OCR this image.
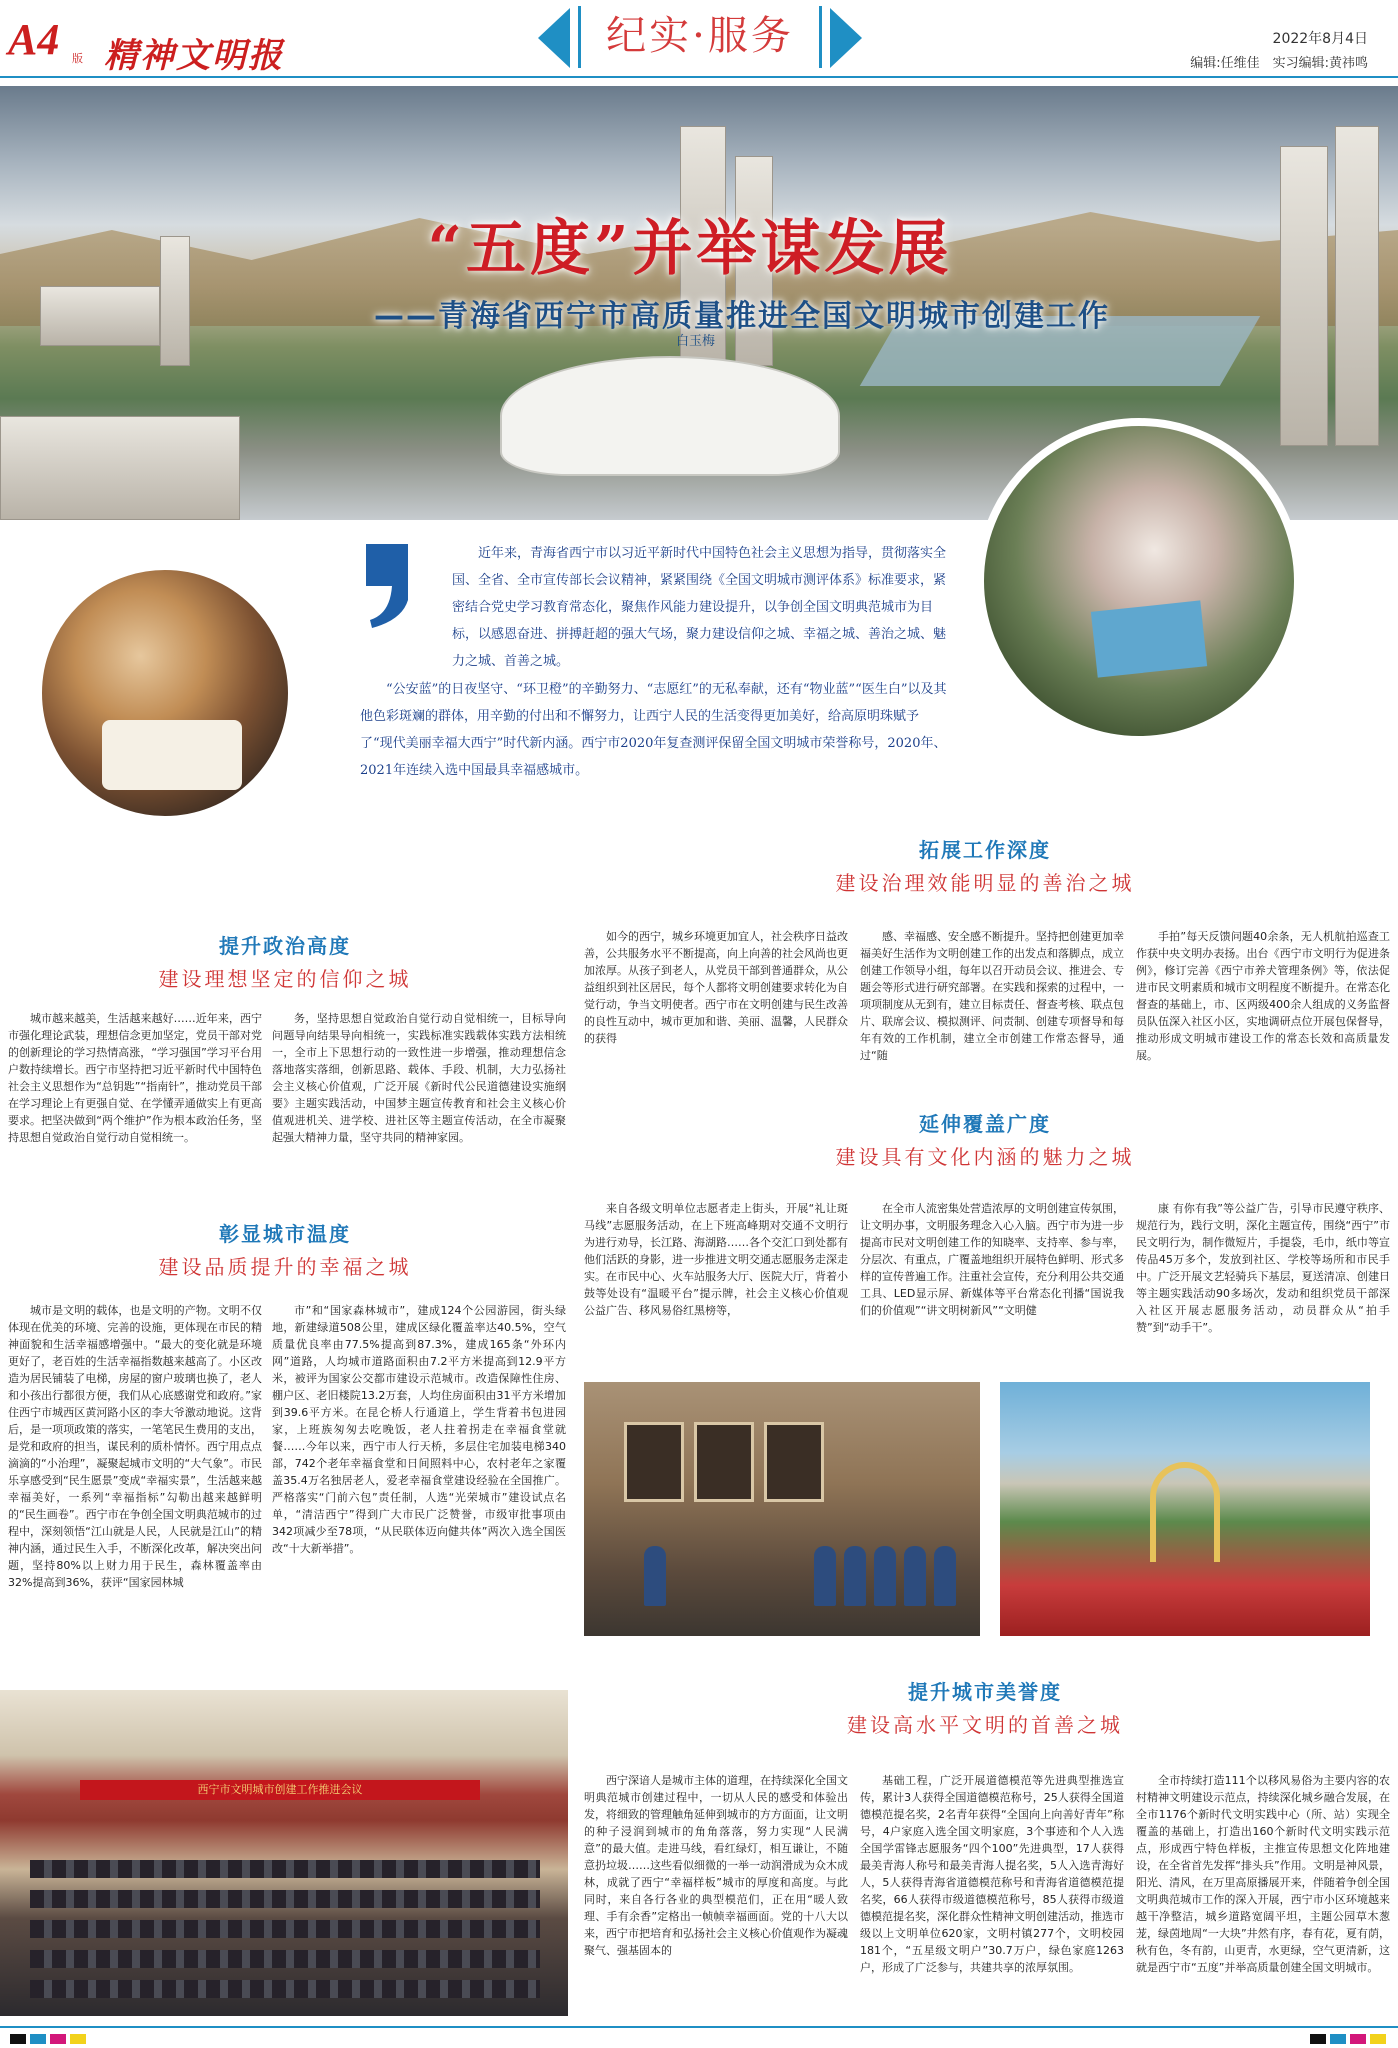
A4 版 精神文明报	纪实·服务	2022年8月4日
编辑:任维佳　实习编辑:黄祎鸣
“五度”并举谋发展
——青海省西宁市高质量推进全国文明城市创建工作
白玉梅

近年来，青海省西宁市以习近平新时代中国特色社会主义思想为指导，贯彻落实全国、全省、全市宣传部长会议精神，紧紧围绕《全国文明城市测评体系》标准要求，紧密结合党史学习教育常态化，聚焦作风能力建设提升，以争创全国文明典范城市为目标，以感恩奋进、拼搏赶超的强大气场，聚力建设信仰之城、幸福之城、善治之城、魅力之城、首善之城。

“公安蓝”的日夜坚守、“环卫橙”的辛勤努力、“志愿红”的无私奉献，还有“物业蓝”“医生白”以及其他色彩斑斓的群体，用辛勤的付出和不懈努力，让西宁人民的生活变得更加美好，给高原明珠赋予了“现代美丽幸福大西宁”时代新内涵。西宁市2020年复查测评保留全国文明城市荣誉称号，2020年、2021年连续入选中国最具幸福感城市。

拓展工作深度
建设治理效能明显的善治之城
提升政治高度
建设理想坚定的信仰之城

城市越来越美，生活越来越好……近年来，西宁市强化理论武装，理想信念更加坚定，党员干部对党的创新理论的学习热情高涨，“学习强国”学习平台用户数持续增长。西宁市坚持把习近平新时代中国特色社会主义思想作为“总钥匙”“指南针”，推动党员干部在学习理论上有更强自觉、在学懂弄通做实上有更高要求。把坚决做到“两个维护”作为根本政治任务，坚持思想自觉政治自觉行动自觉相统一。

务，坚持思想自觉政治自觉行动自觉相统一，目标导向问题导向结果导向相统一，实践标准实践载体实践方法相统一，全市上下思想行动的一致性进一步增强，推动理想信念落地落实落细，创新思路、载体、手段、机制，大力弘扬社会主义核心价值观，广泛开展《新时代公民道德建设实施纲要》主题实践活动，中国梦主题宣传教育和社会主义核心价值观进机关、进学校、进社区等主题宣传活动，在全市凝聚起强大精神力量，坚守共同的精神家园。

如今的西宁，城乡环境更加宜人，社会秩序日益改善，公共服务水平不断提高，向上向善的社会风尚也更加浓厚。从孩子到老人，从党员干部到普通群众，从公益组织到社区居民，每个人都将文明创建要求转化为自觉行动，争当文明使者。西宁市在文明创建与民生改善的良性互动中，城市更加和谐、美丽、温馨，人民群众的获得

感、幸福感、安全感不断提升。坚持把创建更加幸福美好生活作为文明创建工作的出发点和落脚点，成立创建工作领导小组，每年以召开动员会议、推进会、专题会等形式进行研究部署。在实践和探索的过程中，一项项制度从无到有，建立目标责任、督查考核、联点包片、联席会议、模拟测评、问责制、创建专项督导和每年有效的工作机制，建立全市创建工作常态督导，通过“随

手拍”每天反馈问题40余条，无人机航拍巡查工作获中央文明办表扬。出台《西宁市文明行为促进条例》，修订完善《西宁市养犬管理条例》等，依法促进市民文明素质和城市文明程度不断提升。在常态化督查的基础上，市、区两级400余人组成的义务监督员队伍深入社区小区，实地调研点位开展包保督导，推动形成文明城市建设工作的常态长效和高质量发展。

延伸覆盖广度
建设具有文化内涵的魅力之城

来自各级文明单位志愿者走上街头，开展“礼让斑马线”志愿服务活动，在上下班高峰期对交通不文明行为进行劝导，长江路、海湖路……各个交汇口到处都有他们活跃的身影，进一步推进文明交通志愿服务走深走实。在市民中心、火车站服务大厅、医院大厅，背着小鼓等处设有“温暖平台”提示牌，社会主义核心价值观公益广告、移风易俗红黑榜等，

在全市人流密集处营造浓厚的文明创建宣传氛围，让文明办事，文明服务理念入心入脑。西宁市为进一步提高市民对文明创建工作的知晓率、支持率、参与率，分层次、有重点，广覆盖地组织开展特色鲜明、形式多样的宣传普遍工作。注重社会宣传，充分利用公共交通工具、LED显示屏、新媒体等平台常态化刊播“国说我们的价值观”“讲文明树新风”“文明健

康 有你有我”等公益广告，引导市民遵守秩序、规范行为，践行文明，深化主题宣传，围绕“西宁”市民文明行为，制作微短片，手提袋，毛巾，纸巾等宣传品45万多个，发放到社区、学校等场所和市民手中。广泛开展文艺轻骑兵下基层，夏送清凉、创建日等主题实践活动90多场次，发动和组织党员干部深入社区开展志愿服务活动，动员群众从“拍手赞”到“动手干”。

彰显城市温度
建设品质提升的幸福之城

城市是文明的载体，也是文明的产物。文明不仅体现在优美的环境、完善的设施，更体现在市民的精神面貌和生活幸福感增强中。“最大的变化就是环境更好了，老百姓的生活幸福指数越来越高了。小区改造为居民铺装了电梯，房屋的窗户玻璃也换了，老人和小孩出行都很方便，我们从心底感谢党和政府。”家住西宁市城西区黄河路小区的李大爷激动地说。这背后，是一项项政策的落实，一笔笔民生费用的支出，是党和政府的担当，谋民利的质朴情怀。西宁用点点滴滴的“小治理”，凝聚起城市文明的“大气象”。市民乐享感受到“民生愿景”变成“幸福实景”，生活越来越幸福美好，一系列“幸福指标”勾勒出越来越鲜明的“民生画卷”。西宁市在争创全国文明典范城市的过程中，深刻领悟“江山就是人民，人民就是江山”的精神内涵，通过民生入手，不断深化改革，解决突出问题，坚持80%以上财力用于民生，森林覆盖率由32%提高到36%，获评“国家园林城

市”和“国家森林城市”，建成124个公园游园，街头绿地，新建绿道508公里，建成区绿化覆盖率达40.5%，空气质量优良率由77.5%提高到87.3%，建成165条“外环内网”道路，人均城市道路面积由7.2平方米提高到12.9平方米，被评为国家公交都市建设示范城市。改造保障性住房、棚户区、老旧楼院13.2万套，人均住房面积由31平方米增加到39.6平方米。在昆仑桥人行通道上，学生背着书包进园家，上班族匆匆去吃晚饭，老人拄着拐走在幸福食堂就餐……今年以来，西宁市人行天桥，多层住宅加装电梯340部，742个老年幸福食堂和日间照料中心，农村老年之家覆盖35.4万名独居老人，爱老幸福食堂建设经验在全国推广。严格落实“门前六包”责任制，人选“光荣城市”建设试点名单，“清洁西宁”得到广大市民广泛赞誉，市级审批事项由342项减少至78项，“从民联体迈向健共体”两次入选全国医改“十大新举措”。

提升城市美誉度
建设高水平文明的首善之城
西宁市文明城市创建工作推进会议

西宁深谙人是城市主体的道理，在持续深化全国文明典范城市创建过程中，一切从人民的感受和体验出发，将细致的管理触角延伸到城市的方方面面，让文明的种子浸润到城市的角角落落，努力实现“人民满意”的最大值。走进马线，看红绿灯，相互谦让，不随意扔垃圾……这些看似细微的一举一动润滑成为众木成林，成就了西宁“幸福样板”城市的厚度和高度。与此同时，来自各行各业的典型模范们，正在用“暖人致理、手有余香”定格出一帧帧幸福画面。党的十八大以来，西宁市把培育和弘扬社会主义核心价值观作为凝魂聚气、强基固本的

基础工程，广泛开展道德模范等先进典型推选宣传，累计3人获得全国道德模范称号，25人获得全国道德模范提名奖，2名青年获得“全国向上向善好青年”称号，4户家庭入选全国文明家庭，3个事迹和个人入选全国学雷锋志愿服务“四个100”先进典型，17人获得最美青海人称号和最美青海人提名奖，5人入选青海好人，5人获得青海省道德模范称号和青海省道德模范提名奖，66人获得市级道德模范称号，85人获得市级道德模范提名奖，深化群众性精神文明创建活动，推选市级以上文明单位620家，文明村镇277个，文明校园181个，“五星级文明户”30.7万户，绿色家庭1263户，形成了广泛参与，共建共享的浓厚氛围。

全市持续打造111个以移风易俗为主要内容的农村精神文明建设示范点，持续深化城乡融合发展，在全市1176个新时代文明实践中心（所、站）实现全覆盖的基础上，打造出160个新时代文明实践示范点，形成西宁特色样板，主推宣传思想文化阵地建设，在全省首先发挥“排头兵”作用。文明是神风景，阳光、清风，在万里高原播展开来，伴随着争创全国文明典范城市工作的深入开展，西宁市小区环境越来越干净整洁，城乡道路宽阔平坦，主题公园草木葱茏，绿茵地周“一大块”井然有序，春有花，夏有荫，秋有色，冬有韵，山更青，水更绿，空气更清新，这就是西宁市“五度”并举高质量创建全国文明城市。
